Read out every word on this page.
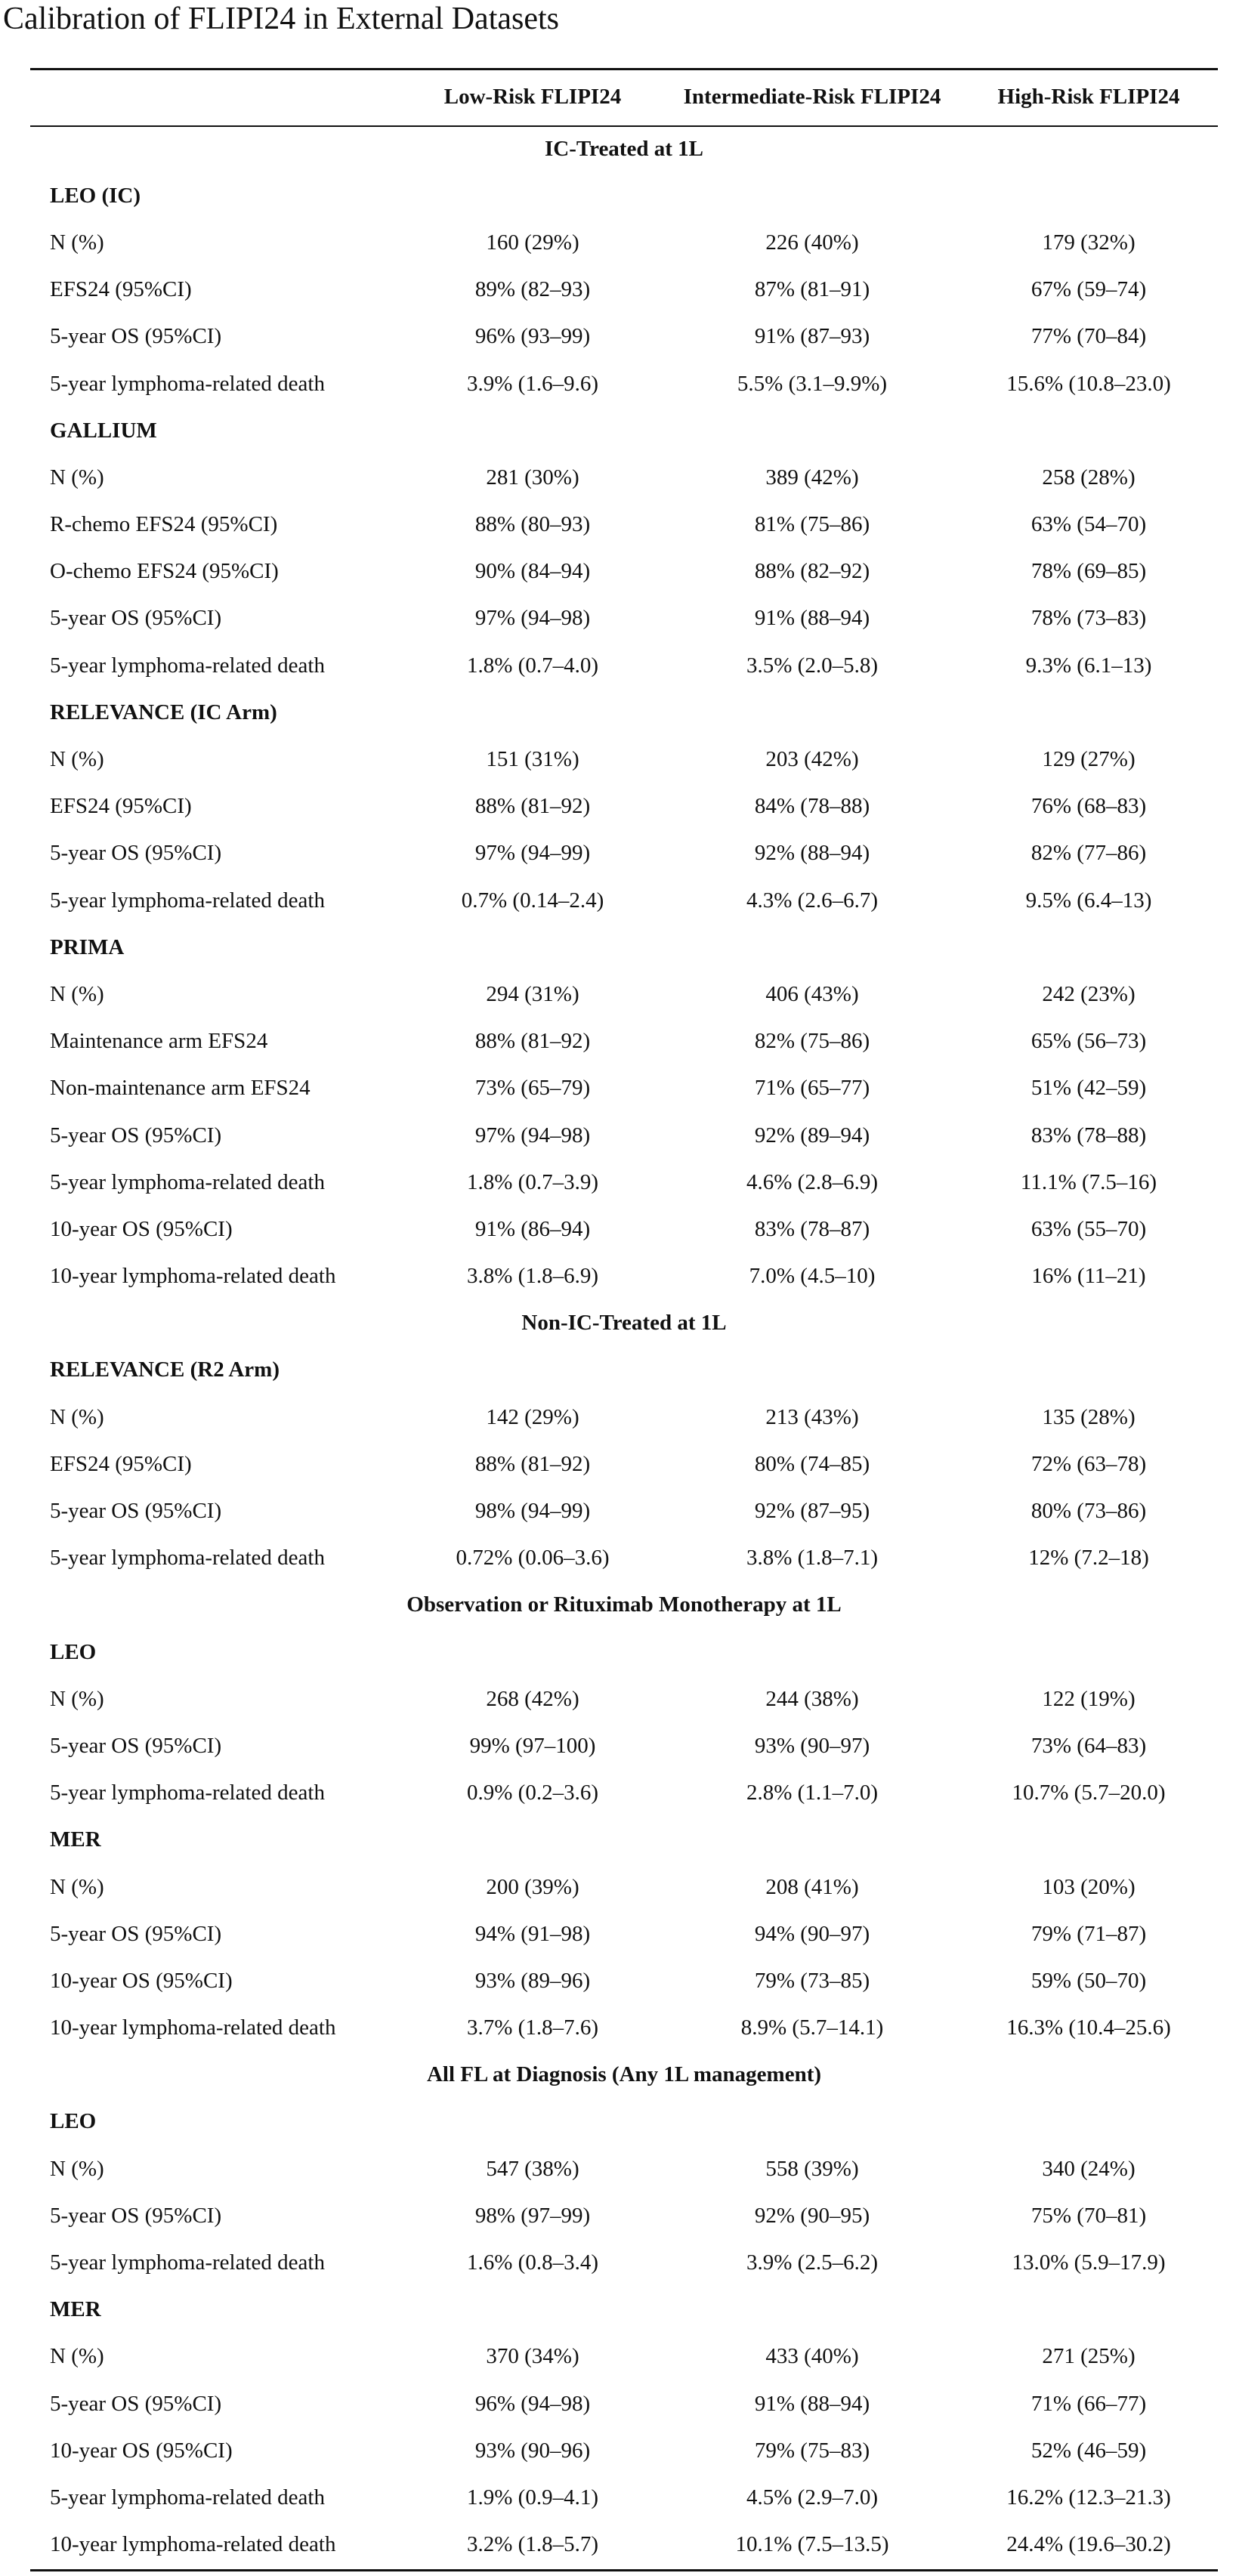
Calibration of FLIPI24 in External Datasets
	Low-Risk FLIPI24	Intermediate-Risk FLIPI24	High-Risk FLIPI24
IC-Treated at 1L			
LEO (IC)			
N (%)	160 (29%)	226 (40%)	179 (32%)
EFS24 (95%CI)	89% (82–93)	87% (81–91)	67% (59–74)
5-year OS (95%CI)	96% (93–99)	91% (87–93)	77% (70–84)
5-year lymphoma-related death	3.9% (1.6–9.6)	5.5% (3.1–9.9%)	15.6% (10.8–23.0)
GALLIUM			
N (%)	281 (30%)	389 (42%)	258 (28%)
R-chemo EFS24 (95%CI)	88% (80–93)	81% (75–86)	63% (54–70)
O-chemo EFS24 (95%CI)	90% (84–94)	88% (82–92)	78% (69–85)
5-year OS (95%CI)	97% (94–98)	91% (88–94)	78% (73–83)
5-year lymphoma-related death	1.8% (0.7–4.0)	3.5% (2.0–5.8)	9.3% (6.1–13)
RELEVANCE (IC Arm)			
N (%)	151 (31%)	203 (42%)	129 (27%)
EFS24 (95%CI)	88% (81–92)	84% (78–88)	76% (68–83)
5-year OS (95%CI)	97% (94–99)	92% (88–94)	82% (77–86)
5-year lymphoma-related death	0.7% (0.14–2.4)	4.3% (2.6–6.7)	9.5% (6.4–13)
PRIMA			
N (%)	294 (31%)	406 (43%)	242 (23%)
Maintenance arm EFS24	88% (81–92)	82% (75–86)	65% (56–73)
Non-maintenance arm EFS24	73% (65–79)	71% (65–77)	51% (42–59)
5-year OS (95%CI)	97% (94–98)	92% (89–94)	83% (78–88)
5-year lymphoma-related death	1.8% (0.7–3.9)	4.6% (2.8–6.9)	11.1% (7.5–16)
10-year OS (95%CI)	91% (86–94)	83% (78–87)	63% (55–70)
10-year lymphoma-related death	3.8% (1.8–6.9)	7.0% (4.5–10)	16% (11–21)
Non-IC-Treated at 1L			
RELEVANCE (R2 Arm)			
N (%)	142 (29%)	213 (43%)	135 (28%)
EFS24 (95%CI)	88% (81–92)	80% (74–85)	72% (63–78)
5-year OS (95%CI)	98% (94–99)	92% (87–95)	80% (73–86)
5-year lymphoma-related death	0.72% (0.06–3.6)	3.8% (1.8–7.1)	12% (7.2–18)
Observation or Rituximab Monotherapy at 1L			
LEO			
N (%)	268 (42%)	244 (38%)	122 (19%)
5-year OS (95%CI)	99% (97–100)	93% (90–97)	73% (64–83)
5-year lymphoma-related death	0.9% (0.2–3.6)	2.8% (1.1–7.0)	10.7% (5.7–20.0)
MER			
N (%)	200 (39%)	208 (41%)	103 (20%)
5-year OS (95%CI)	94% (91–98)	94% (90–97)	79% (71–87)
10-year OS (95%CI)	93% (89–96)	79% (73–85)	59% (50–70)
10-year lymphoma-related death	3.7% (1.8–7.6)	8.9% (5.7–14.1)	16.3% (10.4–25.6)
All FL at Diagnosis (Any 1L management)			
LEO			
N (%)	547 (38%)	558 (39%)	340 (24%)
5-year OS (95%CI)	98% (97–99)	92% (90–95)	75% (70–81)
5-year lymphoma-related death	1.6% (0.8–3.4)	3.9% (2.5–6.2)	13.0% (5.9–17.9)
MER			
N (%)	370 (34%)	433 (40%)	271 (25%)
5-year OS (95%CI)	96% (94–98)	91% (88–94)	71% (66–77)
10-year OS (95%CI)	93% (90–96)	79% (75–83)	52% (46–59)
5-year lymphoma-related death	1.9% (0.9–4.1)	4.5% (2.9–7.0)	16.2% (12.3–21.3)
10-year lymphoma-related death	3.2% (1.8–5.7)	10.1% (7.5–13.5)	24.4% (19.6–30.2)
